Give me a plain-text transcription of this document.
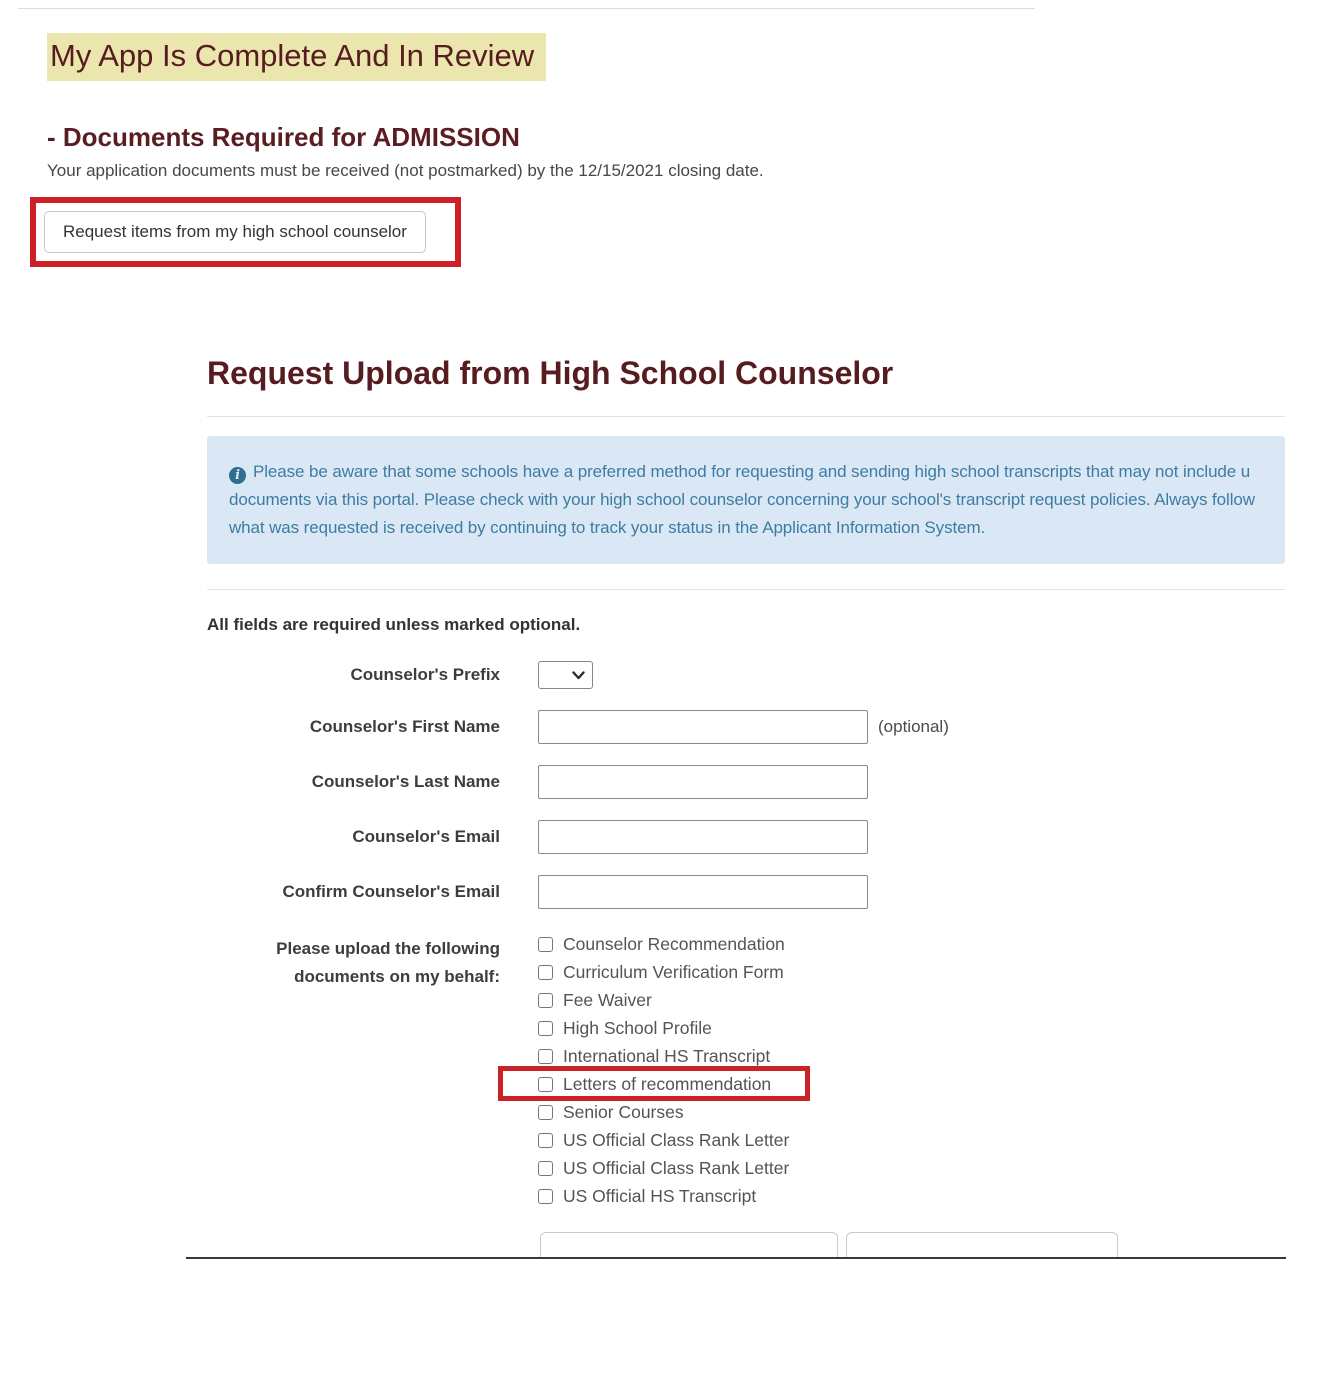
My App Is Complete And In Review
- Documents Required for ADMISSION
Your application documents must be received (not postmarked) by the 12/15/2021 closing date.
Request items from my high school counselor
Request Upload from High School Counselor
i Please be aware that some schools have a preferred method for requesting and sending high school transcripts that may not include u
documents via this portal. Please check with your high school counselor concerning your school's transcript request policies. Always follow
what was requested is received by continuing to track your status in the Applicant Information System.
All fields are required unless marked optional.
Counselor's Prefix
Counselor's First Name	(optional)
Counselor's Last Name
Counselor's Email
Confirm Counselor's Email
Please upload the following
documents on my behalf:
Counselor Recommendation
Curriculum Verification Form
Fee Waiver
High School Profile
International HS Transcript
Letters of recommendation
Senior Courses
US Official Class Rank Letter
US Official Class Rank Letter
US Official HS Transcript
